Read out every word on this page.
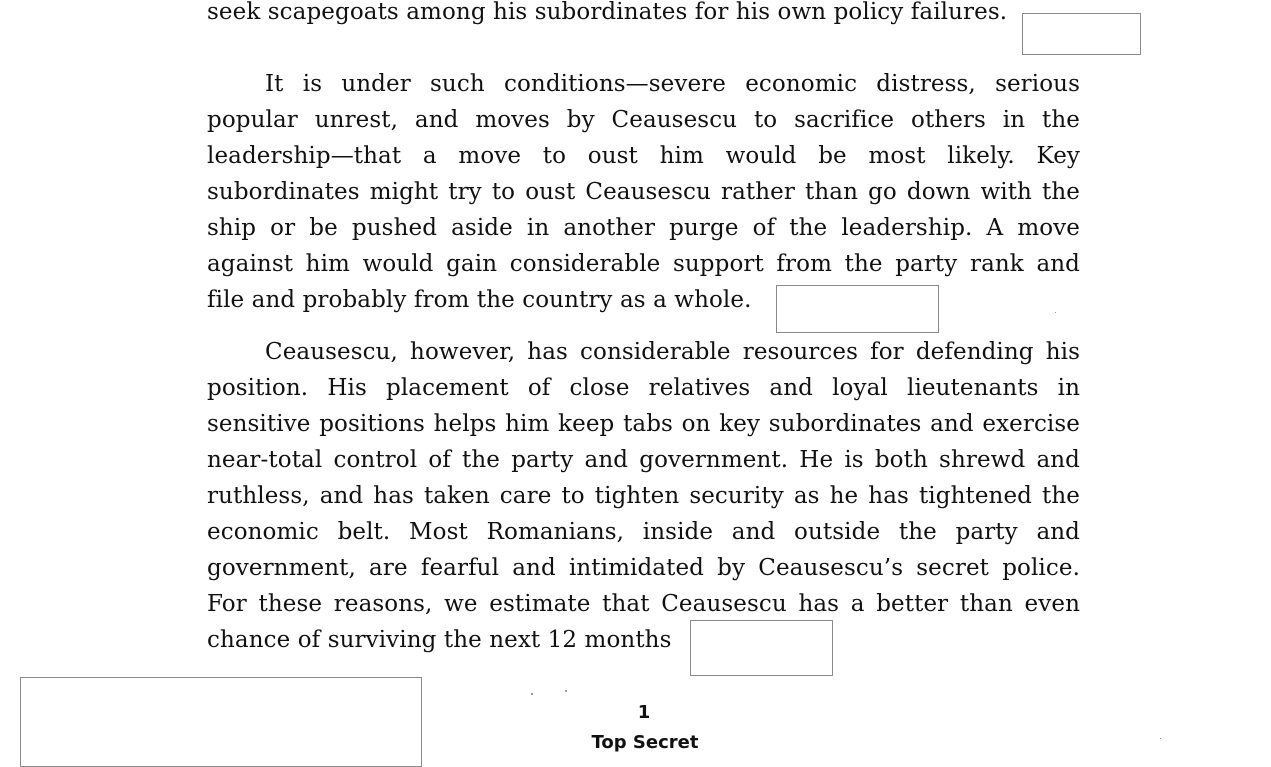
seek scapegoats among his subordinates for his own policy failures.
It is under such conditions—severe economic distress, serious
popular unrest, and moves by Ceausescu to sacrifice others in the
leadership—that a move to oust him would be most likely. Key
subordinates might try to oust Ceausescu rather than go down with the
ship or be pushed aside in another purge of the leadership. A move
against him would gain considerable support from the party rank and
file and probably from the country as a whole.
Ceausescu, however, has considerable resources for defending his
position. His placement of close relatives and loyal lieutenants in
sensitive positions helps him keep tabs on key subordinates and exercise
near-total control of the party and government. He is both shrewd and
ruthless, and has taken care to tighten security as he has tightened the
economic belt. Most Romanians, inside and outside the party and
government, are fearful and intimidated by Ceausescu’s secret police.
For these reasons, we estimate that Ceausescu has a better than even
chance of surviving the next 12 months
1
Top Secret
